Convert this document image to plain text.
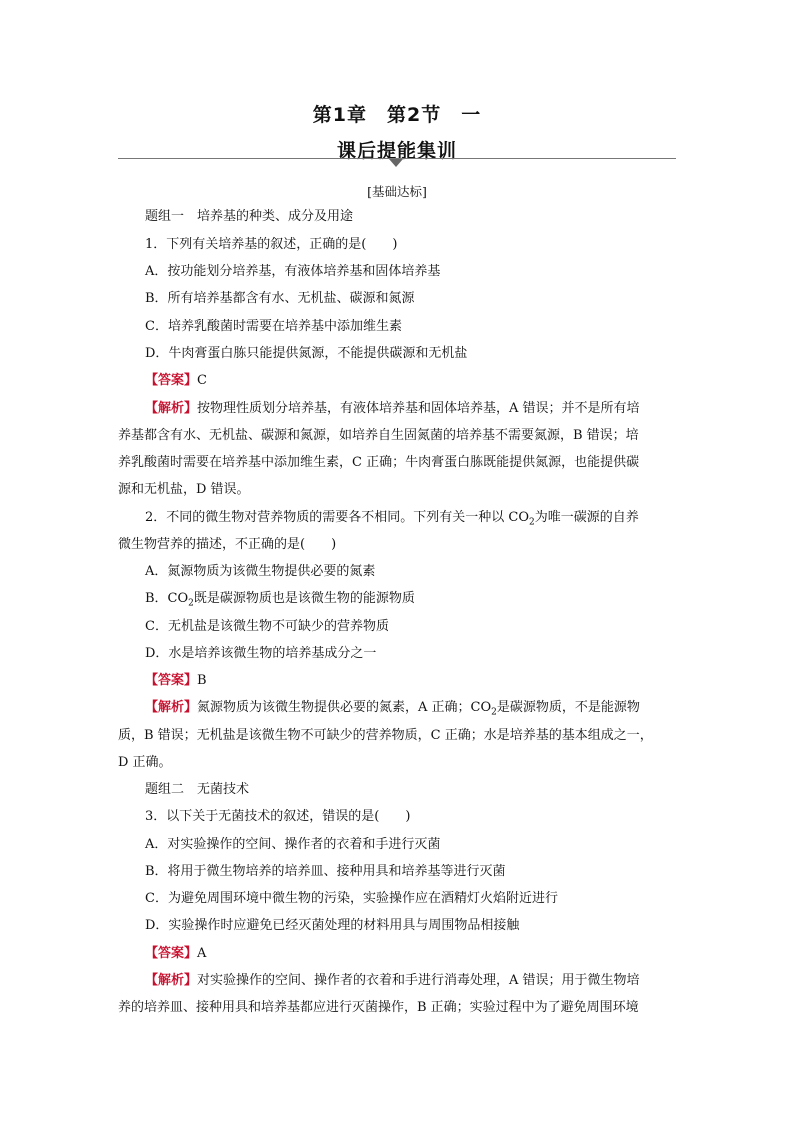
第1章　第2节　一
课后提能集训
[基础达标]
题组一　培养基的种类、成分及用途
1．下列有关培养基的叙述，正确的是(　　)
A．按功能划分培养基，有液体培养基和固体培养基
B．所有培养基都含有水、无机盐、碳源和氮源
C．培养乳酸菌时需要在培养基中添加维生素
D．牛肉膏蛋白胨只能提供氮源，不能提供碳源和无机盐
【答案】C
【解析】按物理性质划分培养基，有液体培养基和固体培养基，A 错误；并不是所有培
养基都含有水、无机盐、碳源和氮源，如培养自生固氮菌的培养基不需要氮源，B 错误；培
养乳酸菌时需要在培养基中添加维生素，C 正确；牛肉膏蛋白胨既能提供氮源，也能提供碳
源和无机盐，D 错误。
2．不同的微生物对营养物质的需要各不相同。下列有关一种以 $CO_2$为唯一碳源的自养
微生物营养的描述，不正确的是(　　)
A．氮源物质为该微生物提供必要的氮素
B．$CO_2$既是碳源物质也是该微生物的能源物质
C．无机盐是该微生物不可缺少的营养物质
D．水是培养该微生物的培养基成分之一
【答案】B
【解析】氮源物质为该微生物提供必要的氮素，A 正确；$CO_2$是碳源物质，不是能源物
质，B 错误；无机盐是该微生物不可缺少的营养物质，C 正确；水是培养基的基本组成之一，
D 正确。
题组二　无菌技术
3．以下关于无菌技术的叙述，错误的是(　　)
A．对实验操作的空间、操作者的衣着和手进行灭菌
B．将用于微生物培养的培养皿、接种用具和培养基等进行灭菌
C．为避免周围环境中微生物的污染，实验操作应在酒精灯火焰附近进行
D．实验操作时应避免已经灭菌处理的材料用具与周围物品相接触
【答案】A
【解析】对实验操作的空间、操作者的衣着和手进行消毒处理，A 错误；用于微生物培
养的培养皿、接种用具和培养基都应进行灭菌操作，B 正确；实验过程中为了避免周围环境
